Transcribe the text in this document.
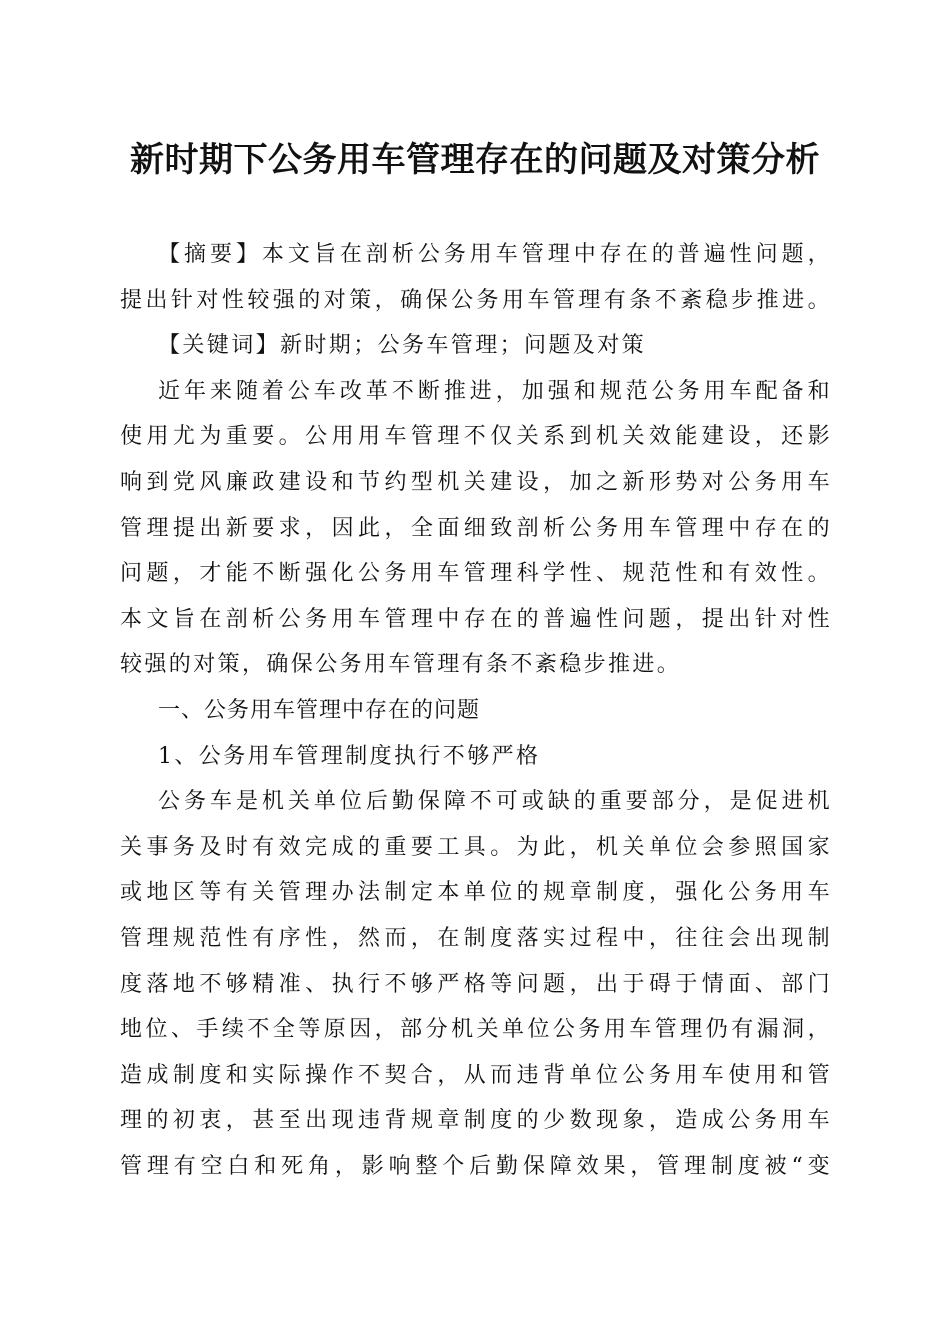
新时期下公务用车管理存在的问题及对策分析
【摘要】本文旨在剖析公务用车管理中存在的普遍性问题，
提出针对性较强的对策，确保公务用车管理有条不紊稳步推进。
【关键词】新时期；公务车管理；问题及对策
近年来随着公车改革不断推进，加强和规范公务用车配备和
使用尤为重要。公用用车管理不仅关系到机关效能建设，还影
响到党风廉政建设和节约型机关建设，加之新形势对公务用车
管理提出新要求，因此，全面细致剖析公务用车管理中存在的
问题，才能不断强化公务用车管理科学性、规范性和有效性。
本文旨在剖析公务用车管理中存在的普遍性问题，提出针对性
较强的对策，确保公务用车管理有条不紊稳步推进。
一、公务用车管理中存在的问题
1、公务用车管理制度执行不够严格
公务车是机关单位后勤保障不可或缺的重要部分，是促进机
关事务及时有效完成的重要工具。为此，机关单位会参照国家
或地区等有关管理办法制定本单位的规章制度，强化公务用车
管理规范性有序性，然而，在制度落实过程中，往往会出现制
度落地不够精准、执行不够严格等问题，出于碍于情面、部门
地位、手续不全等原因，部分机关单位公务用车管理仍有漏洞，
造成制度和实际操作不契合，从而违背单位公务用车使用和管
理的初衷，甚至出现违背规章制度的少数现象，造成公务用车
管理有空白和死角，影响整个后勤保障效果，管理制度被“变
